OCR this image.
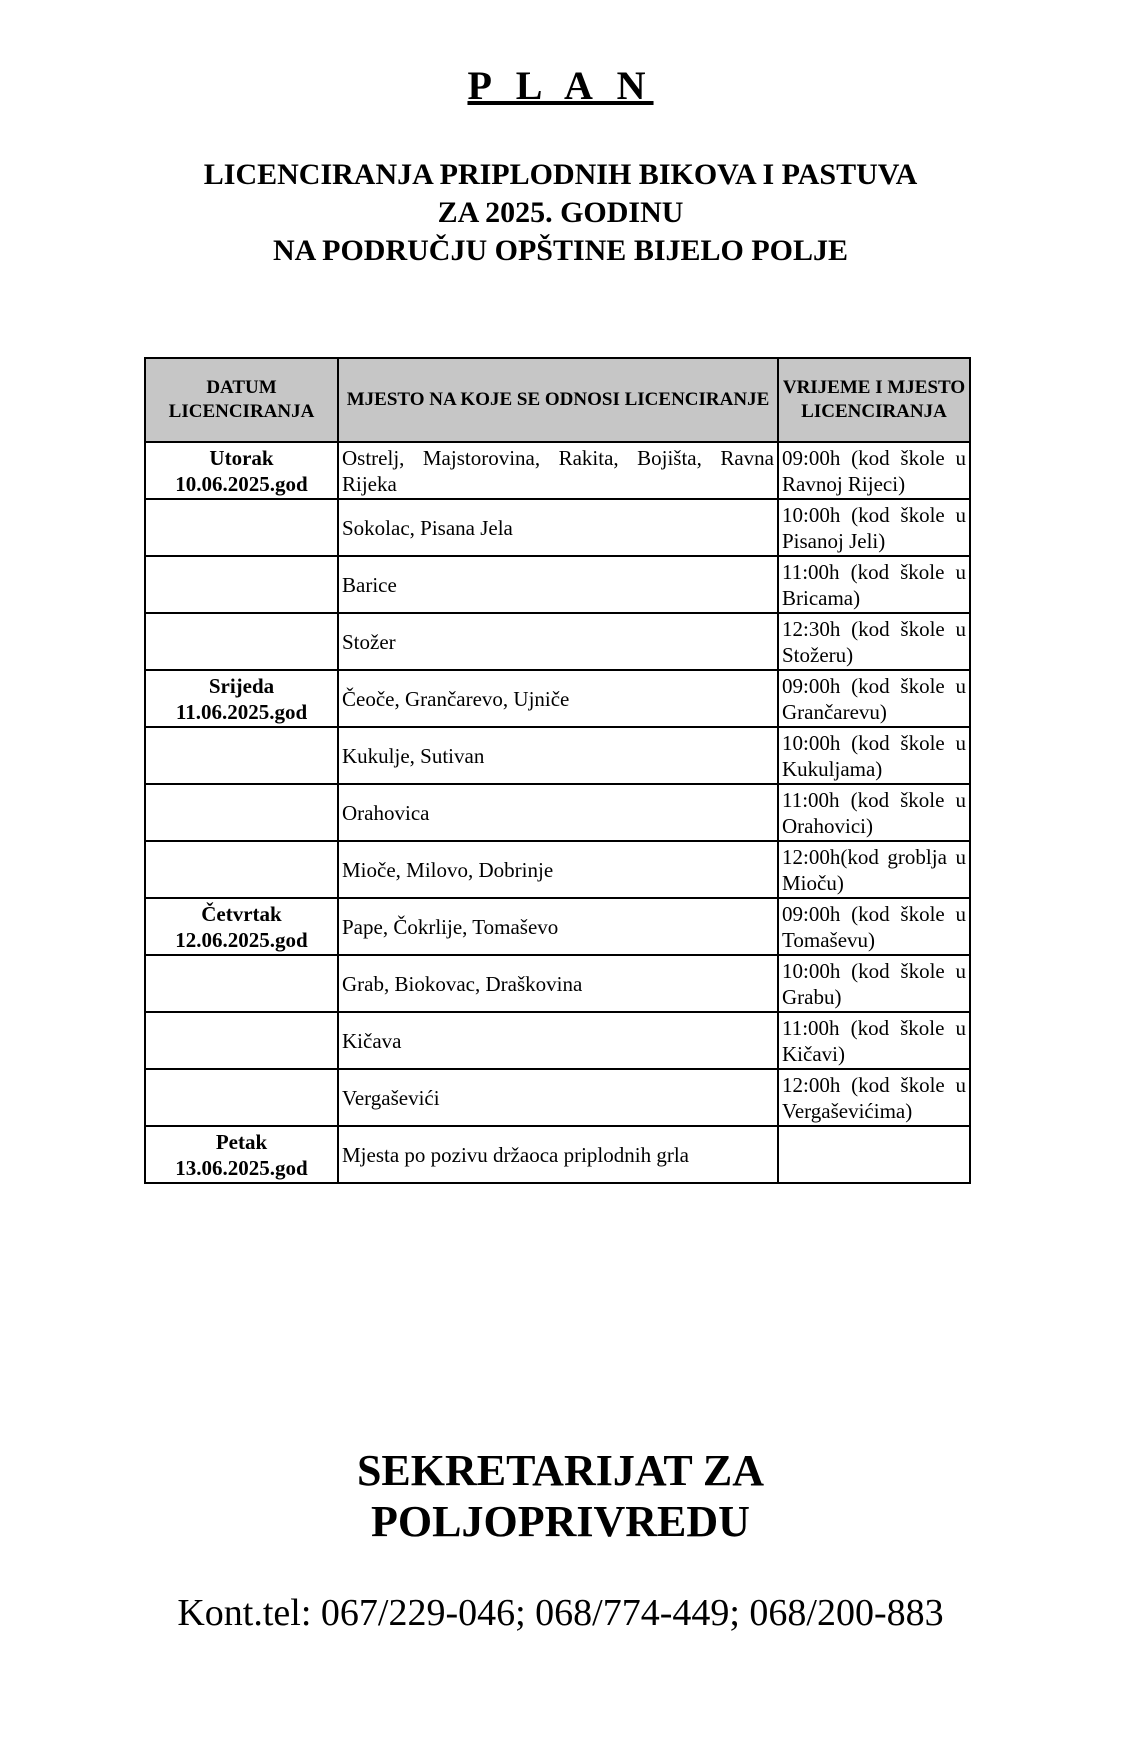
P L A N
LICENCIRANJA PRIPLODNIH BIKOVA I PASTUVA
ZA 2025. GODINU
NA PODRUČJU OPŠTINE BIJELO POLJE
DATUM LICENCIRANJA	MJESTO NA KOJE SE ODNOSI LICENCIRANJE	VRIJEME I MJESTO LICENCIRANJA

Utorak
10.06.2025.god	Ostrelj, Majstorovina, Rakita, Bojišta, Ravna Rijeka	09:00h (kod škole u Ravnoj Rijeci)

	Sokolac, Pisana Jela	10:00h (kod škole u Pisanoj Jeli)

	Barice	11:00h (kod škole u Bricama)

	Stožer	12:30h (kod škole u Stožeru)

Srijeda
11.06.2025.god	Čeoče, Grančarevo, Ujniče	09:00h (kod škole u Grančarevu)

	Kukulje, Sutivan	10:00h (kod škole u Kukuljama)

	Orahovica	11:00h (kod škole u Orahovici)

	Mioče, Milovo, Dobrinje	12:00h(kod groblja u Mioču)

Četvrtak
12.06.2025.god	Pape, Čokrlije, Tomaševo	09:00h (kod škole u Tomaševu)

	Grab, Biokovac, Draškovina	10:00h (kod škole u Grabu)

	Kičava	11:00h (kod škole u Kičavi)

	Vergaševići	12:00h (kod škole u Vergaševićima)

Petak
13.06.2025.god	Mjesta po pozivu držaoca priplodnih grla	
SEKRETARIJAT ZA
POLJOPRIVREDU
Kont.tel: 067/229-046; 068/774-449; 068/200-883
